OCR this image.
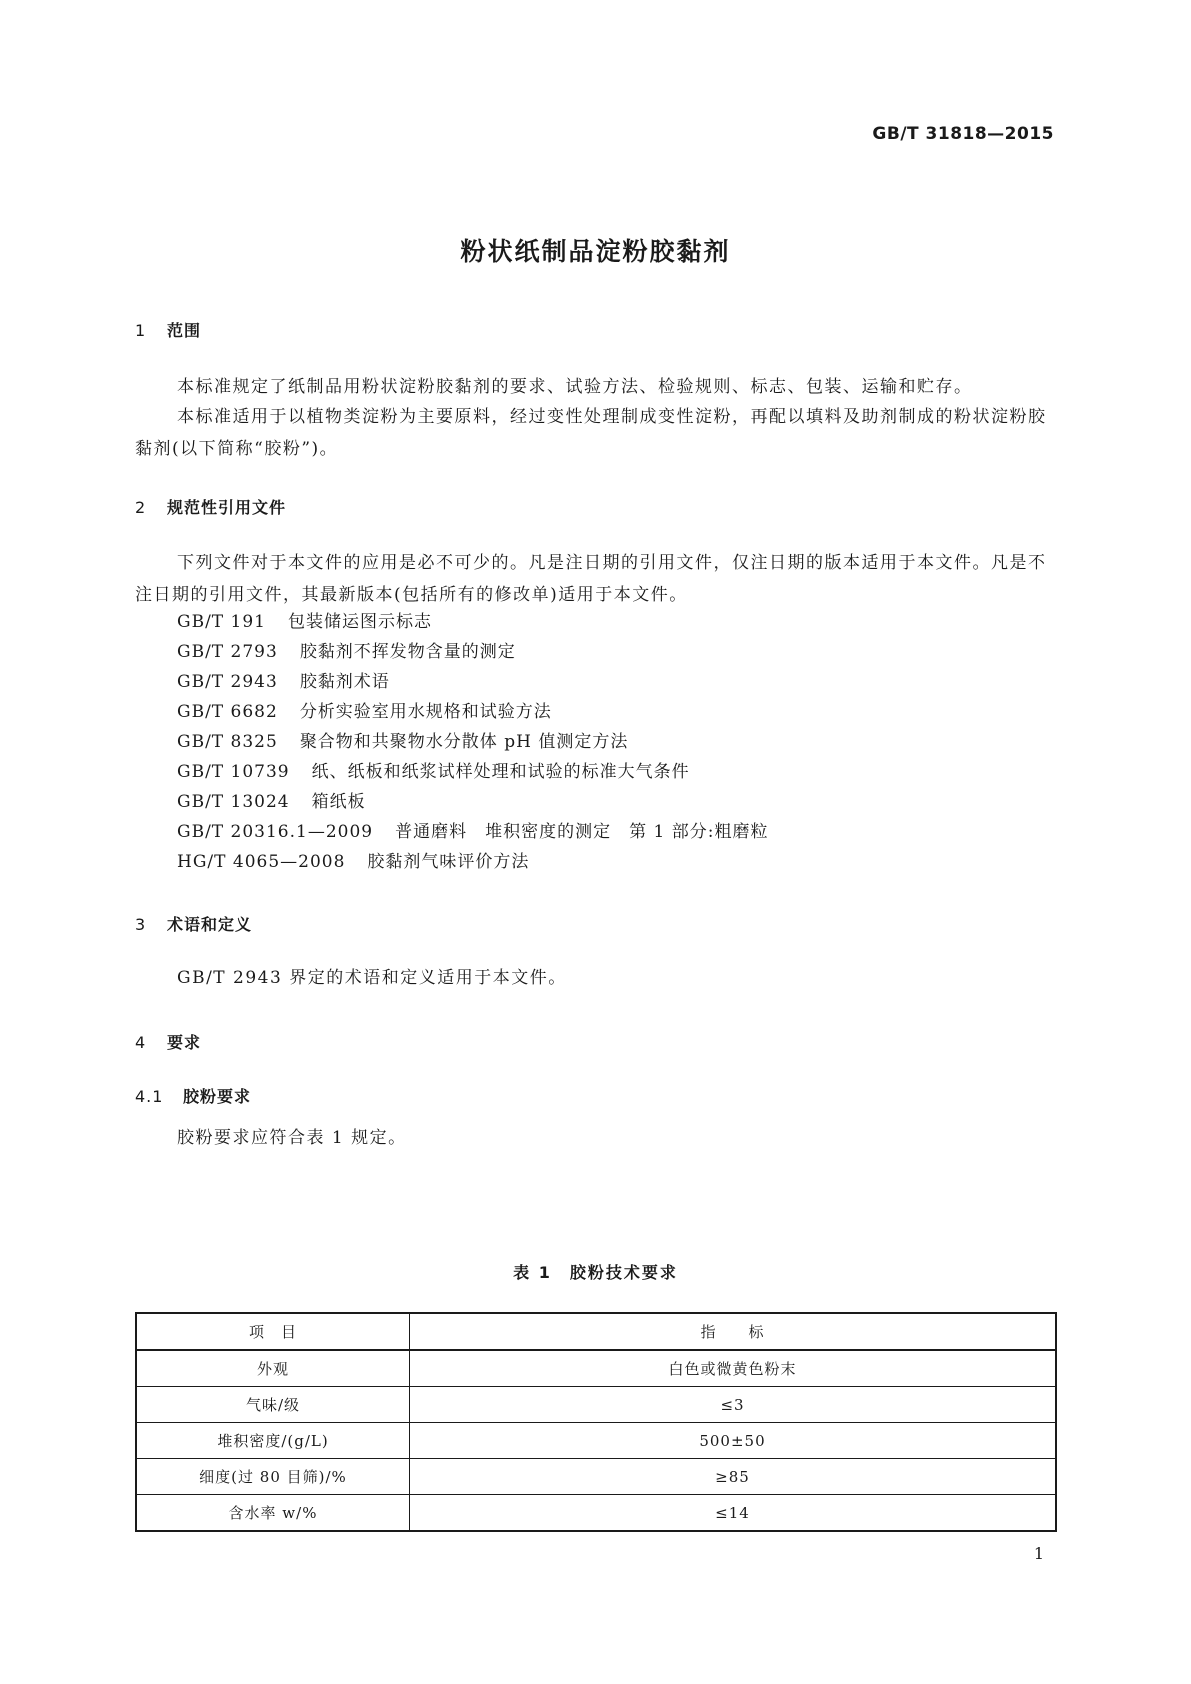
GB/T 31818—2015
粉状纸制品淀粉胶黏剂
1 范围

本标准规定了纸制品用粉状淀粉胶黏剂的要求、试验方法、检验规则、标志、包装、运输和贮存。

本标准适用于以植物类淀粉为主要原料，经过变性处理制成变性淀粉，再配以填料及助剂制成的粉状淀粉胶黏剂(以下简称“胶粉”)。

2 规范性引用文件

下列文件对于本文件的应用是必不可少的。凡是注日期的引用文件，仅注日期的版本适用于本文件。凡是不注日期的引用文件，其最新版本(包括所有的修改单)适用于本文件。

GB/T 191 包装储运图示标志
GB/T 2793 胶黏剂不挥发物含量的测定
GB/T 2943 胶黏剂术语
GB/T 6682 分析实验室用水规格和试验方法
GB/T 8325 聚合物和共聚物水分散体 pH 值测定方法
GB/T 10739 纸、纸板和纸浆试样处理和试验的标准大气条件
GB/T 13024 箱纸板
GB/T 20316.1—2009 普通磨料　堆积密度的测定　第 1 部分:粗磨粒
HG/T 4065—2008 胶黏剂气味评价方法
3 术语和定义

GB/T 2943 界定的术语和定义适用于本文件。

4 要求
4.1 胶粉要求

胶粉要求应符合表 1 规定。

表 1　胶粉技术要求
项　目	指　　标
外观	白色或微黄色粉末
气味/级	≤3
堆积密度/(g/L)	500±50
细度(过 80 目筛)/%	≥85
含水率 w/%	≤14
1
